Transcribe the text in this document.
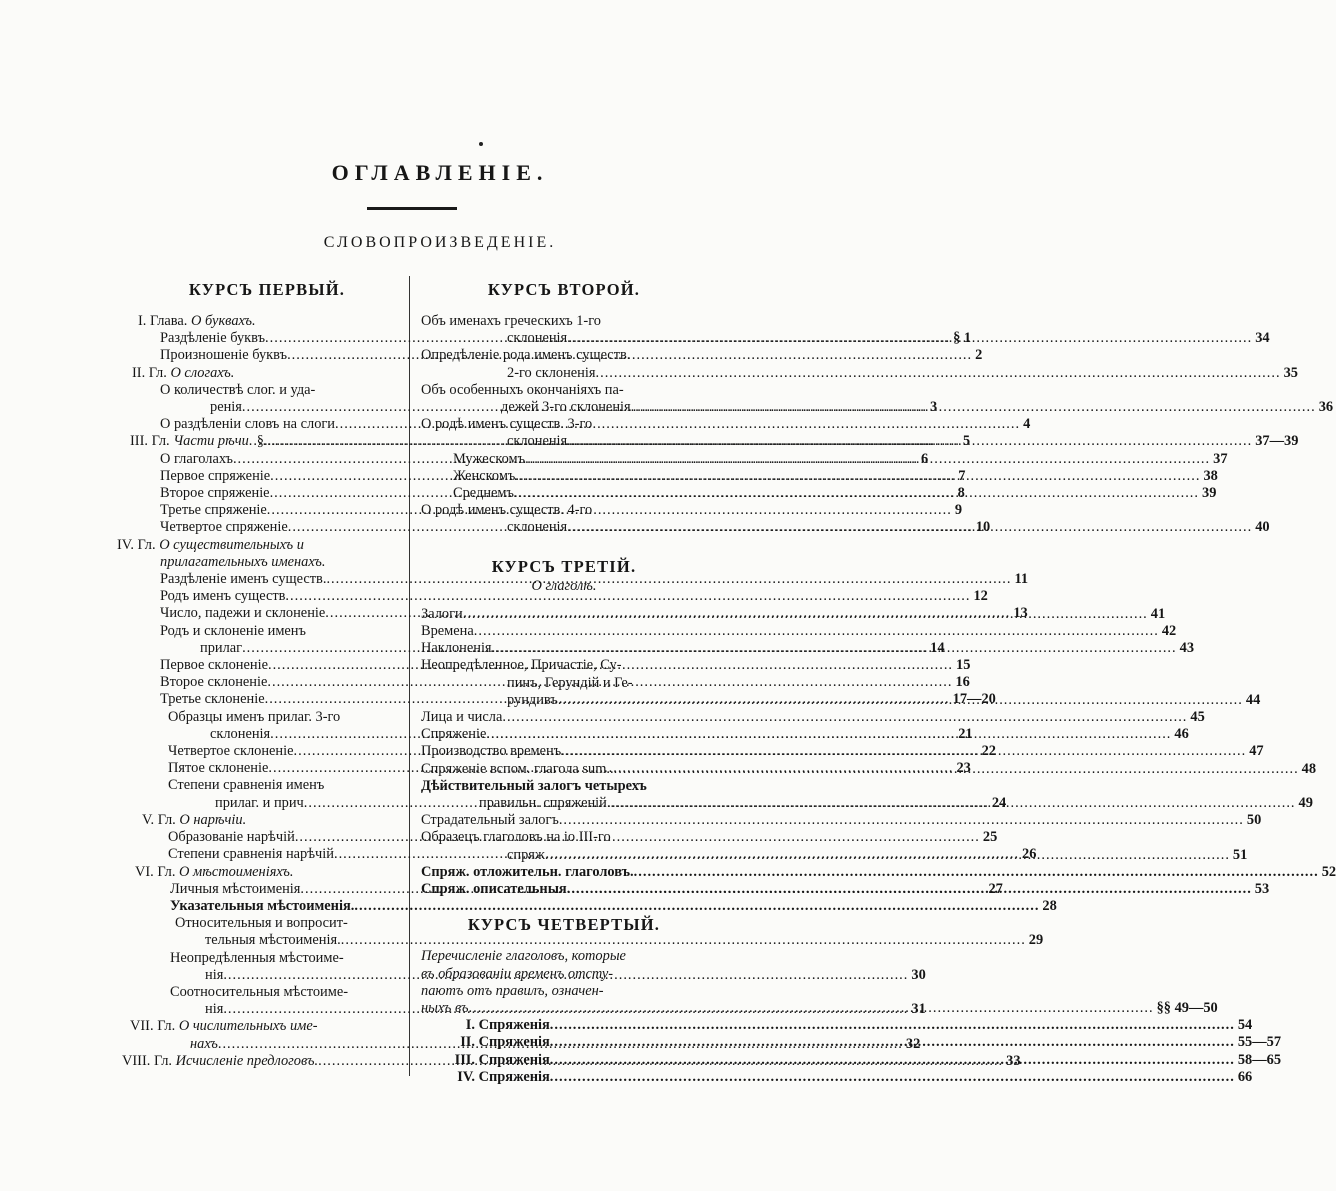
ОГЛАВЛЕНІЕ.
СЛОВОПРОИЗВЕДЕНІЕ.
КУРСЪ ПЕРВЫЙ.
I. Глава. О буквахъ.
Раздѣленіе буквъ .....	§ 1
Произношеніе буквъ .....	2
II. Гл. О слогахъ.
О количествѣ слог. и уда-
ренія .....	3
О раздѣленіи словъ на слоги .....	4
III. Гл. Части рѣчи ..... §... .....	5
О глаголахъ .....	6
Первое спряженіе .....	7
Второе спряженіе .....	8
Третье спряженіе .....	9
Четвертое спряженіе .....	10
IV. Гл. О существительныхъ и
прилагательныхъ именахъ.
Раздѣленіе именъ существ. .....	11
Родъ именъ существ .....	12
Число, падежи и склоненіе .....	13
Родъ и склоненіе именъ
прилаг .....	14
Первое склоненіе .....	15
Второе склоненіе .....	16
Третье склоненіе .....	17—20
Образцы именъ прилаг. 3-го
склоненія .....	21
Четвертое склоненіе .....	22
Пятое склоненіе .....	23
Степени сравненія именъ
прилаг. и прич .....	24
V. Гл. О нарѣчіи.
Образованіе нарѣчій .....	25
Степени сравненія нарѣчій .....	26
VI. Гл. О мѣстоименіяхъ.
Личныя мѣстоименія .....	27
Указательныя мѣстоименія. .....	28
Относительныя и вопросит-
тельныя мѣстоименія. .....	29
Неопредѣленныя мѣстоиме-
нія .....	30
Соотносительныя мѣстоиме-
нія .....	31
VII. Гл. О числительныхъ име-
нахъ .....	32
VIII. Гл. Исчисленіе предлоговъ. .....	33
КУРСЪ ВТОРОЙ.
Объ именахъ греческихъ 1-го
склоненія .....	34
Опредѣленіе рода именъ существ.
2-го склоненія .....	35
Объ особенныхъ окончаніяхъ па-
дежей 3-го склоненія .....	36
О родѣ именъ существ. 3-го
склоненія .....	37—39
Мужескомъ .....	37
Женскомъ .....	38
Среднемъ .....	39
О родѣ именъ существ. 4-го
склоненія .....	40
КУРСЪ ТРЕТІЙ.
О глаголѣ.
Залоги .....	41
Времена .....	42
Наклоненія .....	43
Неопредѣленное, Причастіе, Су-
пинъ, Герундій и Ге-
рундивъ .....	44
Лица и числа .....	45
Спряженіе .....	46
Производство временъ .....	47
Спряженіе вспом. глагола sum.. .....	48
Дѣйствительный залогъ четырехъ
правильн. спряженій. .....	49
Страдательный залогъ .....	50
Образецъ глаголовъ на io III-го
спряж .....	51
Спряж. отложительн. глаголовъ. .....	52
Спряж. описательныя .....	53
КУРСЪ ЧЕТВЕРТЫЙ.
Перечисленіе глаголовъ, которые
въ образованіи временъ отсту-
паютъ отъ правилъ, означен-
ныхъ въ .....	§§ 49—50
I. Спряженія .....	54
II. Спряженія .....	55—57
III. Спряженія .....	58—65
IV. Спряженія .....	66
